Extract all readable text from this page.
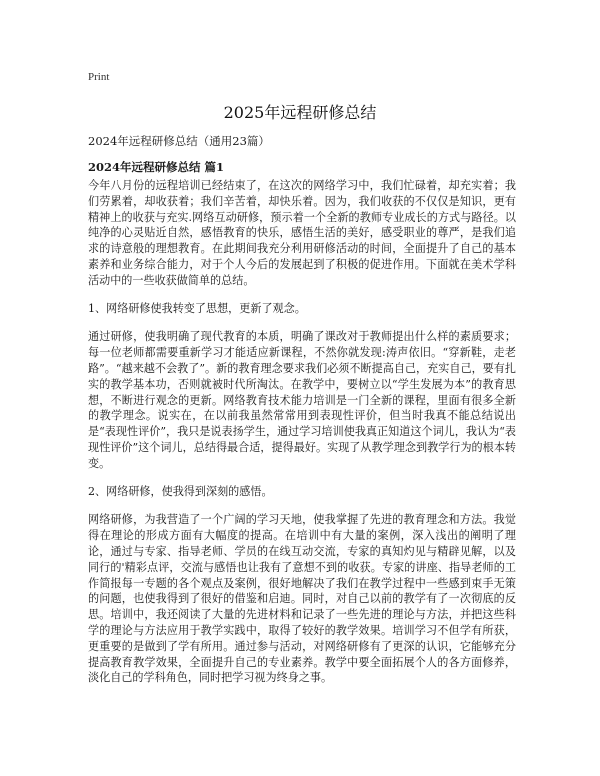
Print
2025年远程研修总结

2024年远程研修总结（通用23篇）

2024年远程研修总结 篇1

今年八月份的远程培训已经结束了，在这次的网络学习中，我们忙碌着，却充实着；我们劳累着，却收获着；我们辛苦着，却快乐着。因为，我们收获的不仅仅是知识，更有精神上的收获与充实.网络互动研修，预示着一个全新的教师专业成长的方式与路径。以纯净的心灵贴近自然，感悟教育的快乐，感悟生活的美好，感受职业的尊严，是我们追求的诗意般的理想教育。在此期间我充分利用研修活动的时间，全面提升了自己的基本素养和业务综合能力，对于个人今后的发展起到了积极的促进作用。下面就在美术学科活动中的一些收获做简单的总结。

1、网络研修使我转变了思想，更新了观念。

通过研修，使我明确了现代教育的本质，明确了课改对于教师提出什么样的素质要求；每一位老师都需要重新学习才能适应新课程，不然你就发现:涛声依旧。“穿新鞋，走老路”。“越来越不会教了”。新的教育理念要求我们必须不断提高自己，充实自己，要有扎实的教学基本功，否则就被时代所淘汰。在教学中，要树立以“学生发展为本”的教育思想，不断进行观念的更新。网络教育技术能力培训是一门全新的课程，里面有很多全新的教学理念。说实在，在以前我虽然常常用到表现性评价，但当时我真不能总结说出是“表现性评价”，我只是说表扬学生，通过学习培训使我真正知道这个词儿，我认为“表现性评价”这个词儿，总结得最合适，提得最好。实现了从教学理念到教学行为的根本转变。

2、网络研修，使我得到深刻的感悟。

网络研修，为我营造了一个广阔的学习天地，使我掌握了先进的教育理念和方法。我觉得在理论的形成方面有大幅度的提高。在培训中有大量的案例，深入浅出的阐明了理论，通过与专家、指导老师、学员的在线互动交流，专家的真知灼见与精辟见解，以及同行的'精彩点评，交流与感悟也让我有了意想不到的收获。专家的讲座、指导老师的工作简报每一专题的各个观点及案例，很好地解决了我们在教学过程中一些感到束手无策的问题，也使我得到了很好的借鉴和启迪。同时，对自己以前的教学有了一次彻底的反思。培训中，我还阅读了大量的先进材料和记录了一些先进的理论与方法，并把这些科学的理论与方法应用于教学实践中，取得了较好的教学效果。培训学习不但学有所获，更重要的是做到了学有所用。通过参与活动，对网络研修有了更深的认识，它能够充分提高教育教学效果，全面提升自己的专业素养。教学中要全面拓展个人的各方面修养，淡化自己的学科角色，同时把学习视为终身之事。
